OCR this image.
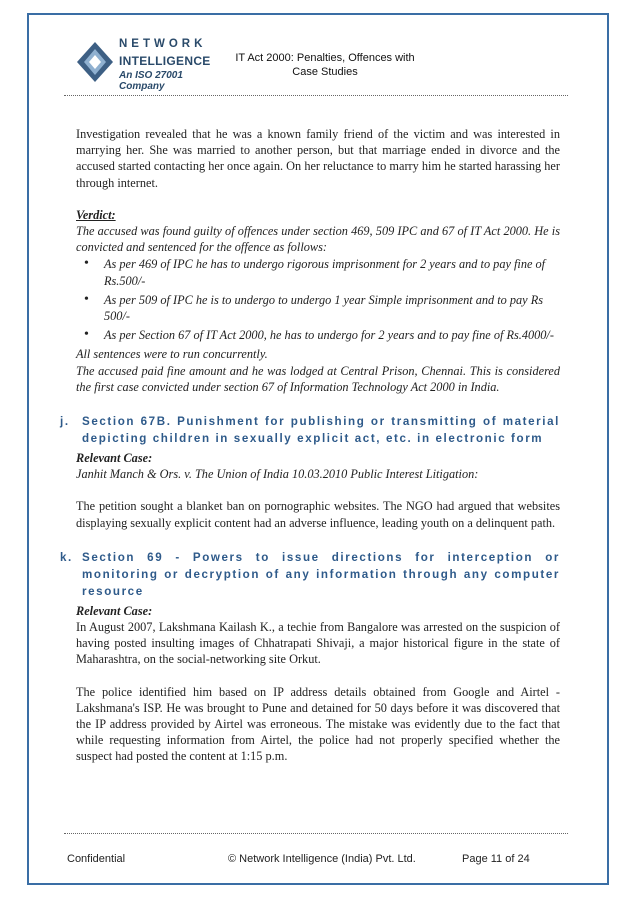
NETWORK
INTELLIGENCE
An ISO 27001 Company
IT Act 2000: Penalties, Offences with
Case Studies

Investigation revealed that he was a known family friend of the victim and was interested in marrying her. She was married to another person, but that marriage ended in divorce and the accused started contacting her once again. On her reluctance to marry him he started harassing her through internet.

Verdict:

The accused was found guilty of offences under section 469, 509 IPC and 67 of IT Act 2000. He is convicted and sentenced for the offence as follows:

• As per 469 of IPC he has to undergo rigorous imprisonment for 2 years and to pay fine of Rs.500/-
• As per 509 of IPC he is to undergo to undergo 1 year Simple imprisonment and to pay Rs 500/-
• As per Section 67 of IT Act 2000, he has to undergo for 2 years and to pay fine of Rs.4000/-

All sentences were to run concurrently.

The accused paid fine amount and he was lodged at Central Prison, Chennai. This is considered the first case convicted under section 67 of Information Technology Act 2000 in India.

j.	Section 67B. Punishment for publishing or transmitting of material depicting children in sexually explicit act, etc. in electronic form

Relevant Case:

Janhit Manch & Ors. v. The Union of India 10.03.2010 Public Interest Litigation:

The petition sought a blanket ban on pornographic websites. The NGO had argued that websites displaying sexually explicit content had an adverse influence, leading youth on a delinquent path.

k. Section 69 - Powers to issue directions for interception or monitoring or decryption of any information through any computer resource

Relevant Case:

In August 2007, Lakshmana Kailash K., a techie from Bangalore was arrested on the suspicion of having posted insulting images of Chhatrapati Shivaji, a major historical figure in the state of Maharashtra, on the social-networking site Orkut.

The police identified him based on IP address details obtained from Google and Airtel - Lakshmana's ISP. He was brought to Pune and detained for 50 days before it was discovered that the IP address provided by Airtel was erroneous. The mistake was evidently due to the fact that while requesting information from Airtel, the police had not properly specified whether the suspect had posted the content at 1:15 p.m.

Confidential	© Network Intelligence (India) Pvt. Ltd.	Page 11 of 24
